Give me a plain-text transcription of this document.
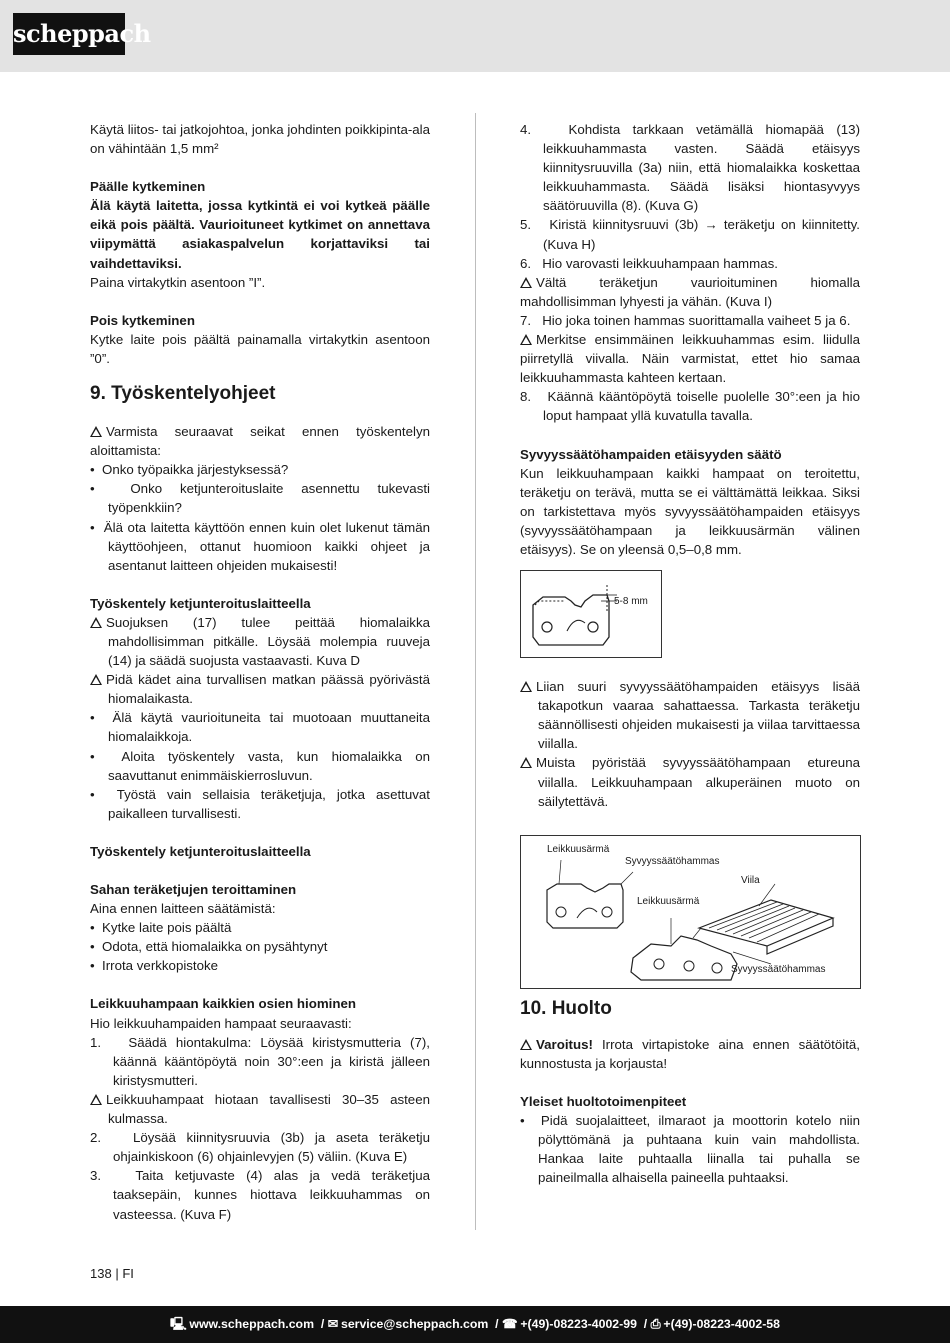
scheppach

Käytä liitos- tai jatkojohtoa, jonka johdinten poikkipinta-ala on vähintään 1,5 mm²

Päälle kytkeminen

Älä käytä laitetta, jossa kytkintä ei voi kytkeä päälle eikä pois päältä. Vaurioituneet kytkimet on annettava viipymättä asiakaspalvelun korjattaviksi tai vaihdettaviksi.

Paina virtakytkin asentoon ”I”.

Pois kytkeminen

Kytke laite pois päältä painamalla virtakytkin asentoon ”0”.

9. Työskentelyohjeet

Varmista seuraavat seikat ennen työskentelyn aloittamista:

•  Onko työpaikka järjestyksessä?

•  Onko ketjunteroituslaite asennettu tukevasti työpenkkiin?

•  Älä ota laitetta käyttöön ennen kuin olet lukenut tämän käyttöohjeen, ottanut huomioon kaikki ohjeet ja asentanut laitteen ohjeiden mukaisesti!

Työskentely ketjunteroituslaitteella

Suojuksen (17) tulee peittää hiomalaikka mahdollisimman pitkälle. Löysää molempia ruuveja (14) ja säädä suojusta vastaavasti. Kuva D

Pidä kädet aina turvallisen matkan päässä pyörivästä hiomalaikasta.

•  Älä käytä vaurioituneita tai muotoaan muuttaneita hiomalaikkoja.

•  Aloita työskentely vasta, kun hiomalaikka on saavuttanut enimmäiskierrosluvun.

•  Työstä vain sellaisia teräketjuja, jotka asettuvat paikalleen turvallisesti.

Työskentely ketjunteroituslaitteella

Sahan teräketjujen teroittaminen

Aina ennen laitteen säätämistä:

•  Kytke laite pois päältä

•  Odota, että hiomalaikka on pysähtynyt

•  Irrota verkkopistoke

Leikkuuhampaan kaikkien osien hiominen

Hio leikkuuhampaiden hampaat seuraavasti:

1.   Säädä hiontakulma: Löysää kiristysmutteria (7), käännä kääntöpöytä noin 30°:een ja kiristä jälleen kiristysmutteri.

Leikkuuhampaat hiotaan tavallisesti 30–35 asteen kulmassa.

2.   Löysää kiinnitysruuvia (3b) ja aseta teräketju ohjainkiskoon (6) ohjainlevyjen (5) väliin. (Kuva E)

3.   Taita ketjuvaste (4) alas ja vedä teräketjua taaksepäin, kunnes hiottava leikkuuhammas on vasteessa. (Kuva F)

4.   Kohdista tarkkaan vetämällä hiomapää (13) leikkuuhammasta vasten. Säädä etäisyys kiinnitysruuvilla (3a) niin, että hiomalaikka koskettaa leikkuuhammasta. Säädä lisäksi hiontasyvyys säätöruuvilla (8). (Kuva G)

5.   Kiristä kiinnitysruuvi (3b) → teräketju on kiinnitetty. (Kuva H)

6.   Hio varovasti leikkuuhampaan hammas.

Vältä teräketjun vaurioituminen hiomalla mahdollisimman lyhyesti ja vähän. (Kuva I)

7.   Hio joka toinen hammas suorittamalla vaiheet 5 ja 6.

Merkitse ensimmäinen leikkuuhammas esim. liidulla piirretyllä viivalla. Näin varmistat, ettet hio samaa leikkuuhammasta kahteen kertaan.

8.   Käännä kääntöpöytä toiselle puolelle 30°:een ja hio loput hampaat yllä kuvatulla tavalla.

Syvyyssäätöhampaiden etäisyyden säätö

Kun leikkuuhampaan kaikki hampaat on teroitettu, teräketju on terävä, mutta se ei välttämättä leikkaa. Siksi on tarkistettava myös syvyyssäätöhampaiden etäisyys (syvyyssäätöhampaan ja leikkuusärmän välinen etäisyys). Se on yleensä 0,5–0,8 mm.

5-8 mm

Liian suuri syvyyssäätöhampaiden etäisyys lisää takapotkun vaaraa sahattaessa. Tarkasta teräketju säännöllisesti ohjeiden mukaisesti ja viilaa tarvittaessa viilalla.

Muista pyöristää syvyyssäätöhampaan etureuna viilalla. Leikkuuhampaan alkuperäinen muoto on säilytettävä.

Leikkuusärmä
Syvyyssäätöhammas
Viila
Leikkuusärmä
Syvyyssäätöhammas
10. Huolto

Varoitus! Irrota virtapistoke aina ennen säätötöitä, kunnostusta ja korjausta!

Yleiset huoltotoimenpiteet

•  Pidä suojalaitteet, ilmaraot ja moottorin kotelo niin pölyttömänä ja puhtaana kuin vain mahdollista. Hankaa laite puhtaalla liinalla tai puhalla se paineilmalla alhaisella paineella puhtaaksi.

138 | FI
🖳 www.scheppach.com  / ✉ service@scheppach.com  / ☎ +(49)-08223-4002-99  / ⎙ +(49)-08223-4002-58
